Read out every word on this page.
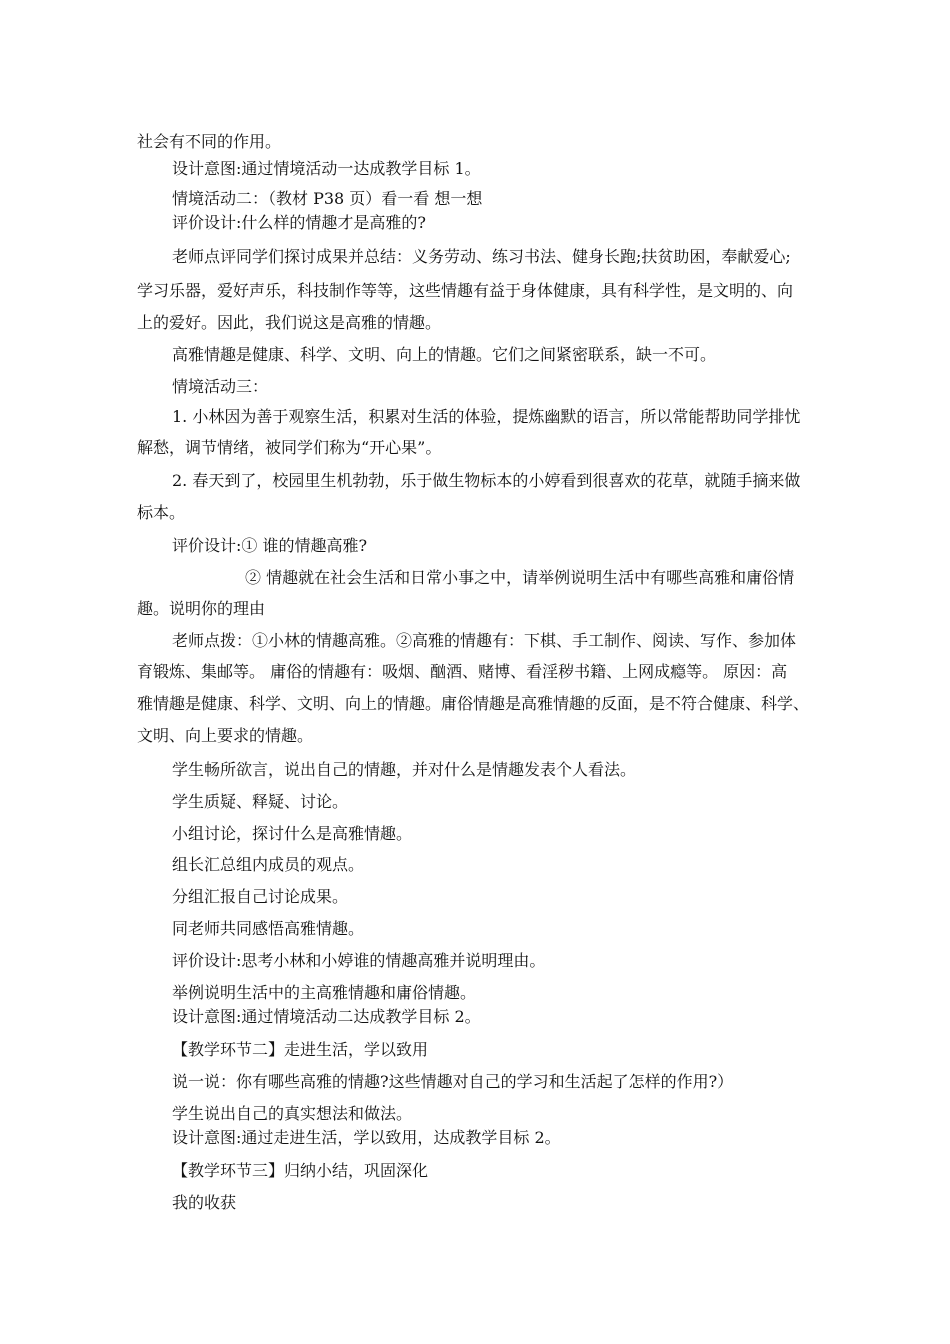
社会有不同的作用。
设计意图:通过情境活动一达成教学目标 1。
情境活动二：（教材 P38 页）看一看 想一想
评价设计:什么样的情趣才是高雅的?
老师点评同学们探讨成果并总结：义务劳动、练习书法、健身长跑;扶贫助困，奉献爱心;
学习乐器，爱好声乐，科技制作等等，这些情趣有益于身体健康，具有科学性，是文明的、向
上的爱好。因此，我们说这是高雅的情趣。
高雅情趣是健康、科学、文明、向上的情趣。它们之间紧密联系，缺一不可。
情境活动三：
1. 小林因为善于观察生活，积累对生活的体验，提炼幽默的语言，所以常能帮助同学排忧
解愁，调节情绪，被同学们称为“开心果”。
2. 春天到了，校园里生机勃勃，乐于做生物标本的小婷看到很喜欢的花草，就随手摘来做
标本。
评价设计:① 谁的情趣高雅?
② 情趣就在社会生活和日常小事之中，请举例说明生活中有哪些高雅和庸俗情
趣。说明你的理由
老师点拨：①小林的情趣高雅。②高雅的情趣有：下棋、手工制作、阅读、写作、参加体
育锻炼、集邮等。 庸俗的情趣有：吸烟、酗酒、赌博、看淫秽书籍、上网成瘾等。 原因：高
雅情趣是健康、科学、文明、向上的情趣。庸俗情趣是高雅情趣的反面，是不符合健康、科学、
文明、向上要求的情趣。
学生畅所欲言，说出自己的情趣，并对什么是情趣发表个人看法。
学生质疑、释疑、讨论。
小组讨论，探讨什么是高雅情趣。
组长汇总组内成员的观点。
分组汇报自己讨论成果。
同老师共同感悟高雅情趣。
评价设计:思考小林和小婷谁的情趣高雅并说明理由。
举例说明生活中的主高雅情趣和庸俗情趣。
设计意图:通过情境活动二达成教学目标 2。
【教学环节二】走进生活，学以致用
说一说：你有哪些高雅的情趣?这些情趣对自己的学习和生活起了怎样的作用?）
学生说出自己的真实想法和做法。
设计意图:通过走进生活，学以致用，达成教学目标 2。
【教学环节三】归纳小结，巩固深化
我的收获
